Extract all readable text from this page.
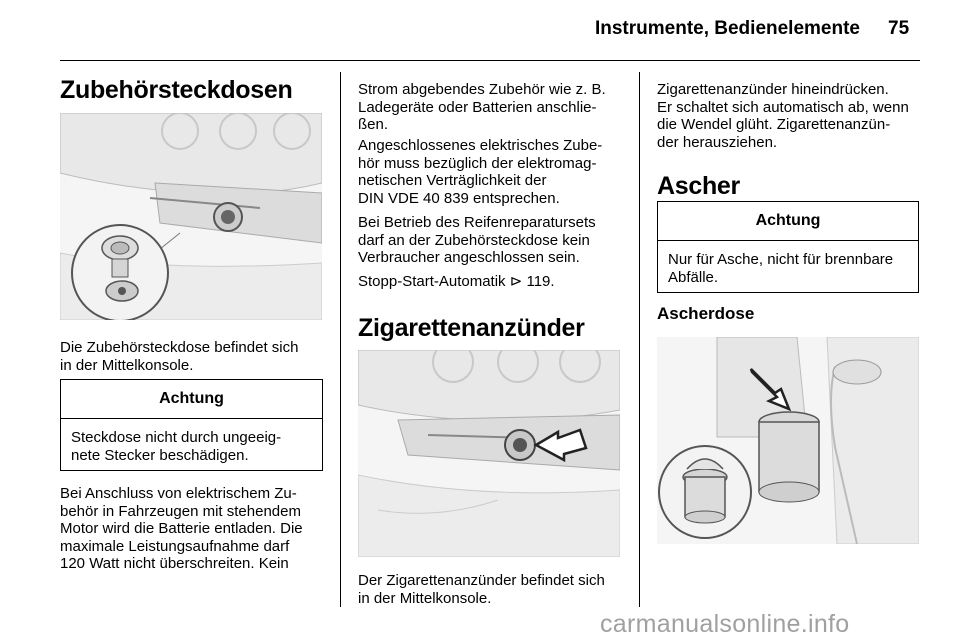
Instrumente, Bedienelemente 75
Zubehörsteckdosen
Die Zubehörsteckdose befindet sich
in der Mittelkonsole.
Achtung
Steckdose nicht durch ungeeig-
nete Stecker beschädigen.
Bei Anschluss von elektrischem Zu-
behör in Fahrzeugen mit stehendem
Motor wird die Batterie entladen. Die
maximale Leistungsaufnahme darf
120 Watt nicht überschreiten. Kein
Strom abgebendes Zubehör wie z. B.
Ladegeräte oder Batterien anschlie-
ßen.
Angeschlossenes elektrisches Zube-
hör muss bezüglich der elektromag-
netischen Verträglichkeit der
DIN VDE 40 839 entsprechen.
Bei Betrieb des Reifenreparatursets
darf an der Zubehörsteckdose kein
Verbraucher angeschlossen sein.
Stopp-Start-Automatik ⊳ 119.
Zigarettenanzünder
Der Zigarettenanzünder befindet sich
in der Mittelkonsole.
Zigarettenanzünder hineindrücken.
Er schaltet sich automatisch ab, wenn
die Wendel glüht. Zigarettenanzün-
der herausziehen.
Ascher
Achtung
Nur für Asche, nicht für brennbare
Abfälle.
Ascherdose
carmanualsonline.info
